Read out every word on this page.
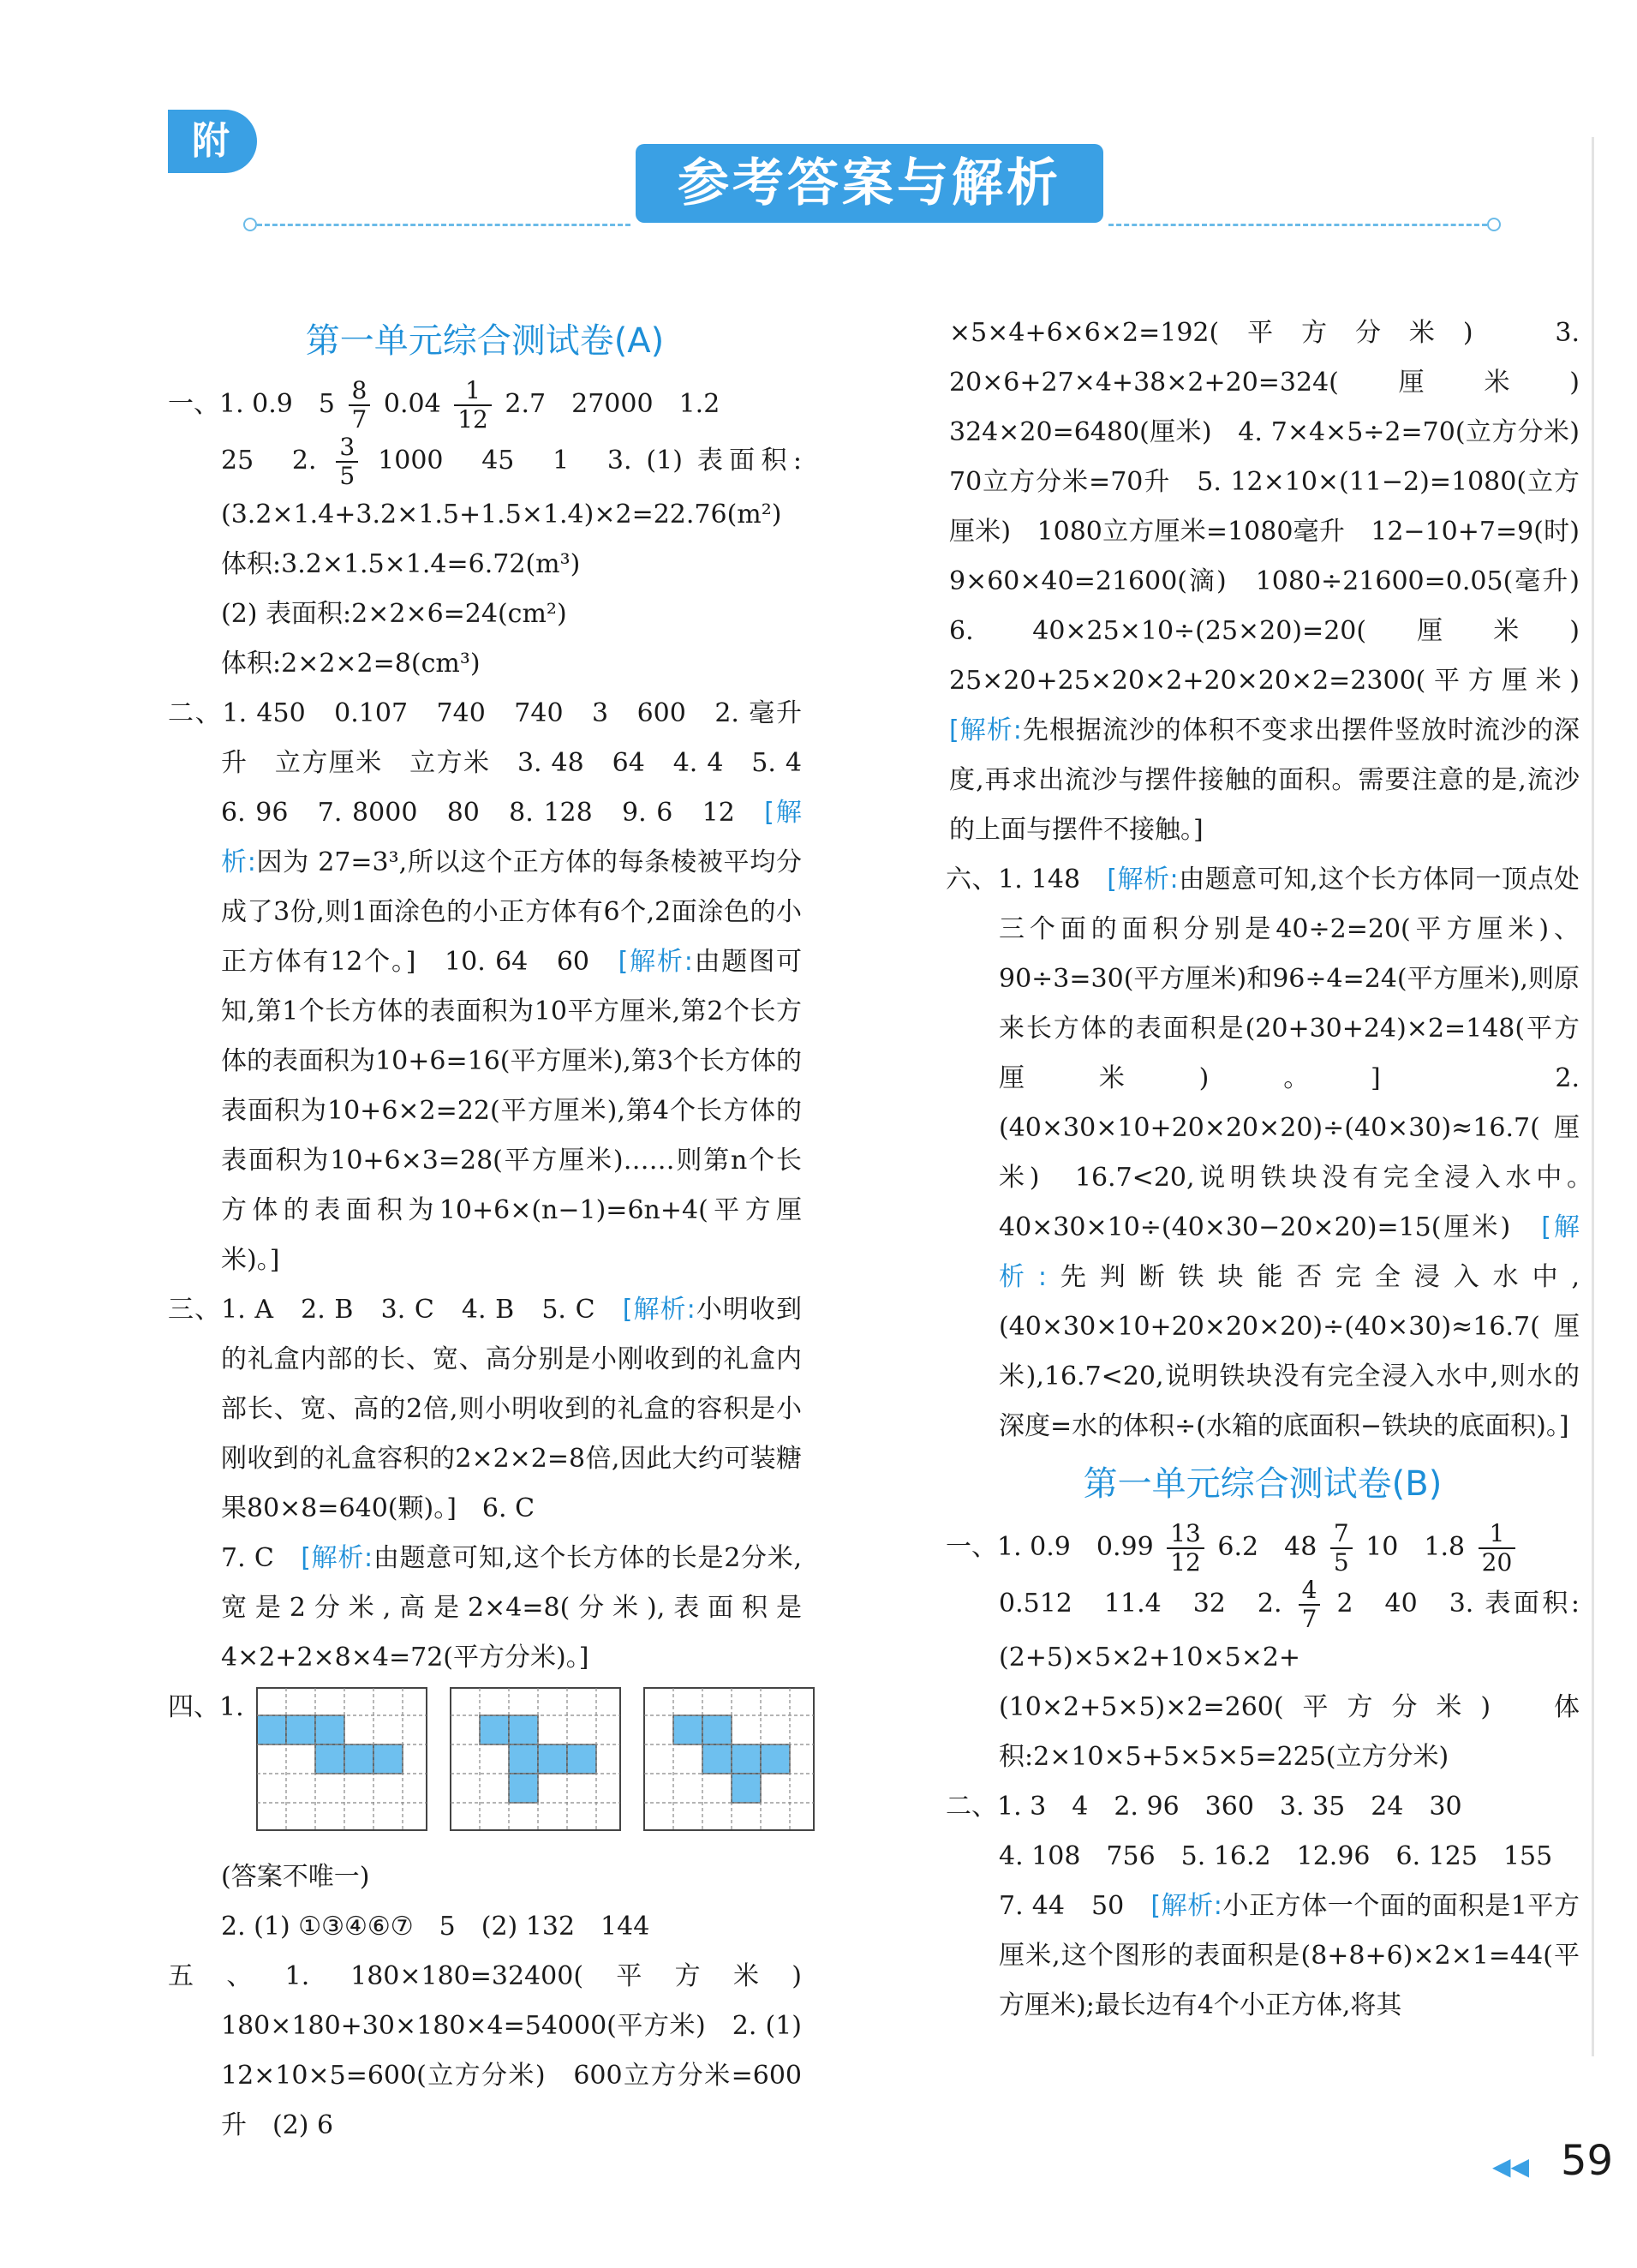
附
参考答案与解析
第一单元综合测试卷(A)

一、1. 0.9　$5 \frac{8}{7} 0.04 \frac{1}{12} 2.7$　27000　1.2

25　2. $\frac{3}{5} 1000$　45　1　3. (1) 表面积:(3.2×1.4+3.2×1.5+1.5×1.4)×2=22.76(m²)

体积:3.2×1.5×1.4=6.72(m³)

(2) 表面积:2×2×6=24(cm²)

体积:2×2×2=8(cm³)

二、1. 450　0.107　740　740　3　600　2. 毫升　升　立方厘米　立方米　3. 48　64　4. 4　5. 4　6. 96　7. 8000　80　8. 128　9. 6　12　[解析:因为 27=3³,所以这个正方体的每条棱被平均分成了3份,则1面涂色的小正方体有6个,2面涂色的小正方体有12个。]　10. 64　60　[解析:由题图可知,第1个长方体的表面积为10平方厘米,第2个长方体的表面积为10+6=16(平方厘米),第3个长方体的表面积为10+6×2=22(平方厘米),第4个长方体的表面积为10+6×3=28(平方厘米)……则第n个长方体的表面积为10+6×(n−1)=6n+4(平方厘米)。]

三、1. A　2. B　3. C　4. B　5. C　[解析:小明收到的礼盒内部的长、宽、高分别是小刚收到的礼盒内部长、宽、高的2倍,则小明收到的礼盒的容积是小刚收到的礼盒容积的2×2×2=8倍,因此大约可装糖果80×8=640(颗)。]　6. C

7. C　[解析:由题意可知,这个长方体的长是2分米,宽是2分米,高是2×4=8(分米),表面积是4×2+2×8×4=72(平方分米)。]

四、1.

(答案不唯一)

2. (1) ①③④⑥⑦　5　(2) 132　144

五、1. 180×180=32400(平方米)　180×180+30×180×4=54000(平方米)　2. (1) 12×10×5=600(立方分米)　600立方分米=600升　(2) 6

×5×4+6×6×2=192(平方分米)　3. 20×6+27×4+38×2+20=324(厘米)　324×20=6480(厘米)　4. 7×4×5÷2=70(立方分米)　70立方分米=70升　5. 12×10×(11−2)=1080(立方厘米)　1080立方厘米=1080毫升　12−10+7=9(时)　9×60×40=21600(滴)　1080÷21600=0.05(毫升)　6. 40×25×10÷(25×20)=20(厘米)　25×20+25×20×2+20×20×2=2300(平方厘米)　[解析:先根据流沙的体积不变求出摆件竖放时流沙的深度,再求出流沙与摆件接触的面积。需要注意的是,流沙的上面与摆件不接触。]

六、1. 148　[解析:由题意可知,这个长方体同一顶点处三个面的面积分别是40÷2=20(平方厘米)、90÷3=30(平方厘米)和96÷4=24(平方厘米),则原来长方体的表面积是(20+30+24)×2=148(平方厘米)。]　2. (40×30×10+20×20×20)÷(40×30)≈16.7(厘米)　16.7<20,说明铁块没有完全浸入水中。　40×30×10÷(40×30−20×20)=15(厘米)　[解析:先判断铁块能否完全浸入水中,(40×30×10+20×20×20)÷(40×30)≈16.7(厘米),16.7<20,说明铁块没有完全浸入水中,则水的深度=水的体积÷(水箱的底面积−铁块的底面积)。]

第一单元综合测试卷(B)

一、1. 0.9　$0.99 \frac{13}{12} 6.2$　$48 \frac{7}{5} 10$　$1.8 \frac{1}{20}$

0.512　11.4　32　2. $\frac{4}{7} 2$　40　3. 表面积:(2+5)×5×2+10×5×2+(10×2+5×5)×2=260(平方分米)　体积:2×10×5+5×5×5=225(立方分米)

二、1. 3　4　2. 96　360　3. 35　24　30

4. 108　756　5. 16.2　12.96　6. 125　155

7. 44　50　[解析:小正方体一个面的面积是1平方厘米,这个图形的表面积是(8+8+6)×2×1=44(平方厘米);最长边有4个小正方体,将其

◀◀ 59
